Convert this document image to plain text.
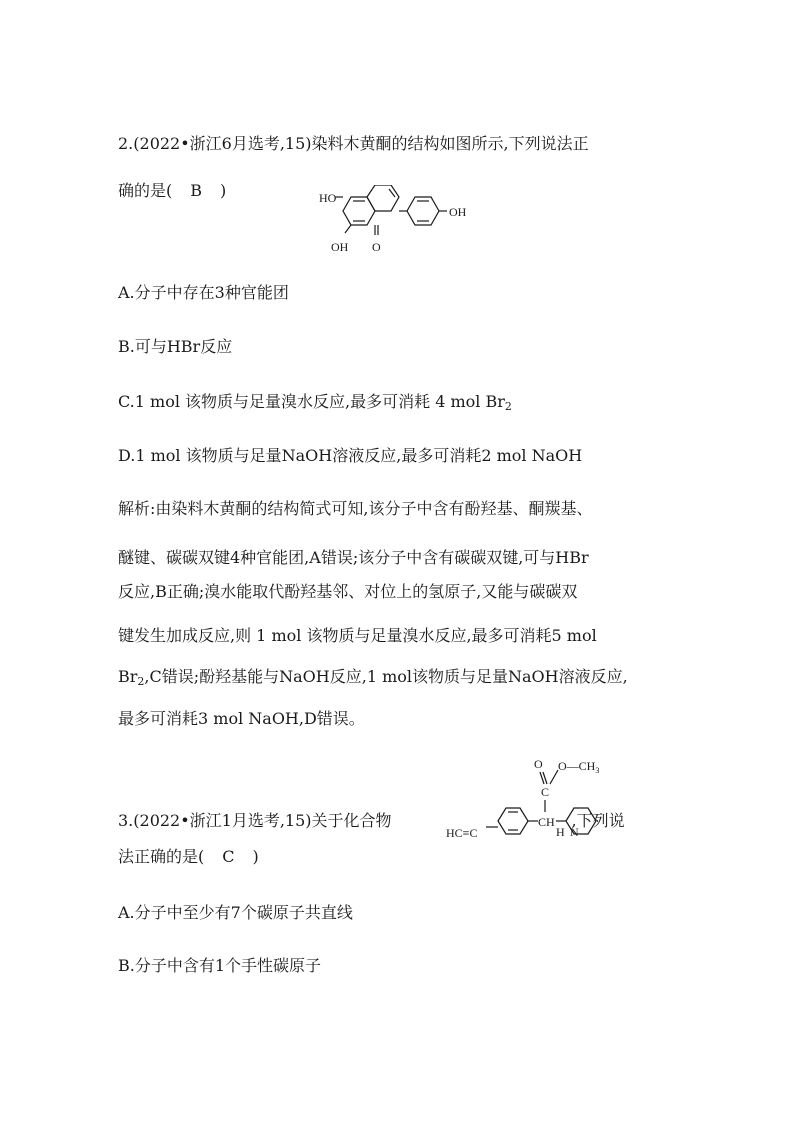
2.(2022•浙江6月选考,15)染料木黄酮的结构如图所示,下列说法正
确的是( B )	HO
OH O
OH
A.分子中存在3种官能团
B.可与HBr反应
C.1 mol 该物质与足量溴水反应,最多可消耗 4 mol $Br_2$
D.1 mol 该物质与足量NaOH溶液反应,最多可消耗2 mol NaOH
解析:由染料木黄酮的结构简式可知,该分子中含有酚羟基、酮羰基、
醚键、碳碳双键4种官能团,A错误;该分子中含有碳碳双键,可与HBr
反应,B正确;溴水能取代酚羟基邻、对位上的氢原子,又能与碳碳双
键发生加成反应,则 1 mol 该物质与足量溴水反应,最多可消耗5 mol
$Br_2,C$错误;酚羟基能与NaOH反应,1 mol该物质与足量NaOH溶液反应,
最多可消耗3 mol NaOH,D错误。
3.(2022•浙江1月选考,15)关于化合物	,下列说
HC≡C
CH
C
O $O—CH_3$
H N
法正确的是( C )
A.分子中至少有7个碳原子共直线
B.分子中含有1个手性碳原子
